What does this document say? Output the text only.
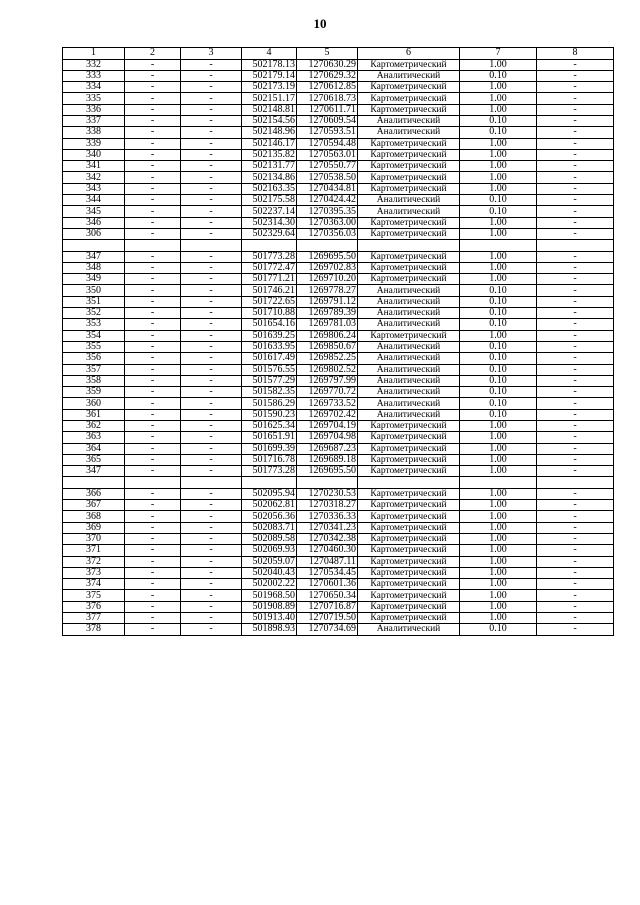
10
1	2	3	4	5	6	7	8
332	-	-	502178.13	1270630.29	Картометрический	1.00	-
333	-	-	502179.14	1270629.32	Аналитический	0.10	-
334	-	-	502173.19	1270612.85	Картометрический	1.00	-
335	-	-	502151.17	1270618.73	Картометрический	1.00	-
336	-	-	502148.81	1270611.71	Картометрический	1.00	-
337	-	-	502154.56	1270609.54	Аналитический	0.10	-
338	-	-	502148.96	1270593.51	Аналитический	0.10	-
339	-	-	502146.17	1270594.48	Картометрический	1.00	-
340	-	-	502135.82	1270563.01	Картометрический	1.00	-
341	-	-	502131.77	1270550.77	Картометрический	1.00	-
342	-	-	502134.86	1270538.50	Картометрический	1.00	-
343	-	-	502163.35	1270434.81	Картометрический	1.00	-
344	-	-	502175.58	1270424.42	Аналитический	0.10	-
345	-	-	502237.14	1270395.35	Аналитический	0.10	-
346	-	-	502314.30	1270363.00	Картометрический	1.00	-
306	-	-	502329.64	1270356.03	Картометрический	1.00	-

347	-	-	501773.28	1269695.50	Картометрический	1.00	-
348	-	-	501772.47	1269702.83	Картометрический	1.00	-
349	-	-	501771.21	1269710.20	Картометрический	1.00	-
350	-	-	501746.21	1269778.27	Аналитический	0.10	-
351	-	-	501722.65	1269791.12	Аналитический	0.10	-
352	-	-	501710.88	1269789.39	Аналитический	0.10	-
353	-	-	501654.16	1269781.03	Аналитический	0.10	-
354	-	-	501639.25	1269806.24	Картометрический	1.00	-
355	-	-	501633.95	1269850.67	Аналитический	0.10	-
356	-	-	501617.49	1269852.25	Аналитический	0.10	-
357	-	-	501576.55	1269802.52	Аналитический	0.10	-
358	-	-	501577.29	1269797.99	Аналитический	0.10	-
359	-	-	501582.35	1269770.72	Аналитический	0.10	-
360	-	-	501586.29	1269733.52	Аналитический	0.10	-
361	-	-	501590.23	1269702.42	Аналитический	0.10	-
362	-	-	501625.34	1269704.19	Картометрический	1.00	-
363	-	-	501651.91	1269704.98	Картометрический	1.00	-
364	-	-	501699.39	1269687.23	Картометрический	1.00	-
365	-	-	501716.78	1269689.18	Картометрический	1.00	-
347	-	-	501773.28	1269695.50	Картометрический	1.00	-

366	-	-	502095.94	1270230.53	Картометрический	1.00	-
367	-	-	502062.81	1270318.27	Картометрический	1.00	-
368	-	-	502056.36	1270336.33	Картометрический	1.00	-
369	-	-	502083.71	1270341.23	Картометрический	1.00	-
370	-	-	502089.58	1270342.38	Картометрический	1.00	-
371	-	-	502069.93	1270460.30	Картометрический	1.00	-
372	-	-	502059.07	1270487.11	Картометрический	1.00	-
373	-	-	502040.43	1270534.45	Картометрический	1.00	-
374	-	-	502002.22	1270601.36	Картометрический	1.00	-
375	-	-	501968.50	1270650.34	Картометрический	1.00	-
376	-	-	501908.89	1270716.87	Картометрический	1.00	-
377	-	-	501913.40	1270719.50	Картометрический	1.00	-
378	-	-	501898.93	1270734.69	Аналитический	0.10	-
